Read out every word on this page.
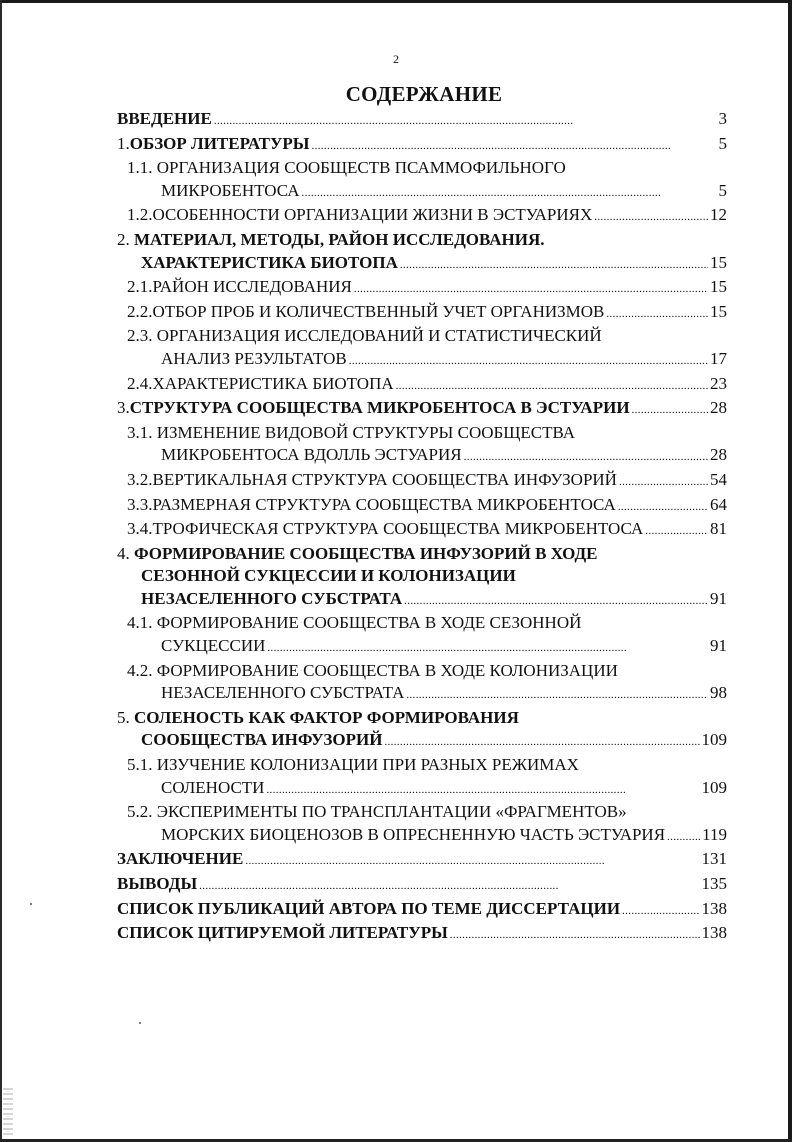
2
СОДЕРЖАНИЕ
ВВЕДЕНИЕ . . .	3
1. ОБЗОР ЛИТЕРАТУРЫ . . .	5
1.1. ОРГАНИЗАЦИЯ СООБЩЕСТВ ПСАММОФИЛЬНОГО
МИКРОБЕНТОСА . . .	5
1.2. ОСОБЕННОСТИ ОРГАНИЗАЦИИ ЖИЗНИ В ЭСТУАРИЯХ . . .	12
2. МАТЕРИАЛ, МЕТОДЫ, РАЙОН ИССЛЕДОВАНИЯ.
ХАРАКТЕРИСТИКА БИОТОПА . . .	15
2.1. РАЙОН ИССЛЕДОВАНИЯ . . .	15
2.2. ОТБОР ПРОБ И КОЛИЧЕСТВЕННЫЙ УЧЕТ ОРГАНИЗМОВ . . .	15
2.3. ОРГАНИЗАЦИЯ ИССЛЕДОВАНИЙ И СТАТИСТИЧЕСКИЙ
АНАЛИЗ РЕЗУЛЬТАТОВ . . .	17
2.4. ХАРАКТЕРИСТИКА БИОТОПА . . .	23
3. СТРУКТУРА СООБЩЕСТВА МИКРОБЕНТОСА В ЭСТУАРИИ . . .	28
3.1. ИЗМЕНЕНИЕ ВИДОВОЙ СТРУКТУРЫ СООБЩЕСТВА
МИКРОБЕНТОСА ВДОЛЛЬ ЭСТУАРИЯ . . .	28
3.2. ВЕРТИКАЛЬНАЯ СТРУКТУРА СООБЩЕСТВА ИНФУЗОРИЙ . . .	54
3.3. РАЗМЕРНАЯ СТРУКТУРА СООБЩЕСТВА МИКРОБЕНТОСА . . .	64
3.4. ТРОФИЧЕСКАЯ СТРУКТУРА СООБЩЕСТВА МИКРОБЕНТОСА . . .	81
4. ФОРМИРОВАНИЕ СООБЩЕСТВА ИНФУЗОРИЙ В ХОДЕ
СЕЗОННОЙ СУКЦЕССИИ И КОЛОНИЗАЦИИ
НЕЗАСЕЛЕННОГО СУБСТРАТА . . .	91
4.1. ФОРМИРОВАНИЕ СООБЩЕСТВА В ХОДЕ СЕЗОННОЙ
СУКЦЕССИИ . . .	91
4.2. ФОРМИРОВАНИЕ СООБЩЕСТВА В ХОДЕ КОЛОНИЗАЦИИ
НЕЗАСЕЛЕННОГО СУБСТРАТА . . .	98
5. СОЛЕНОСТЬ КАК ФАКТОР ФОРМИРОВАНИЯ
СООБЩЕСТВА ИНФУЗОРИЙ . . .	109
5.1. ИЗУЧЕНИЕ КОЛОНИЗАЦИИ ПРИ РАЗНЫХ РЕЖИМАХ
СОЛЕНОСТИ . . .	109
5.2. ЭКСПЕРИМЕНТЫ ПО ТРАНСПЛАНТАЦИИ «ФРАГМЕНТОВ»
МОРСКИХ БИОЦЕНОЗОВ В ОПРЕСНЕННУЮ ЧАСТЬ ЭСТУАРИЯ . . . 119
ЗАКЛЮЧЕНИЕ . . .	131
ВЫВОДЫ . . .	135
СПИСОК ПУБЛИКАЦИЙ АВТОРА ПО ТЕМЕ ДИССЕРТАЦИИ . . .	138
СПИСОК ЦИТИРУЕМОЙ ЛИТЕРАТУРЫ . . .	138
